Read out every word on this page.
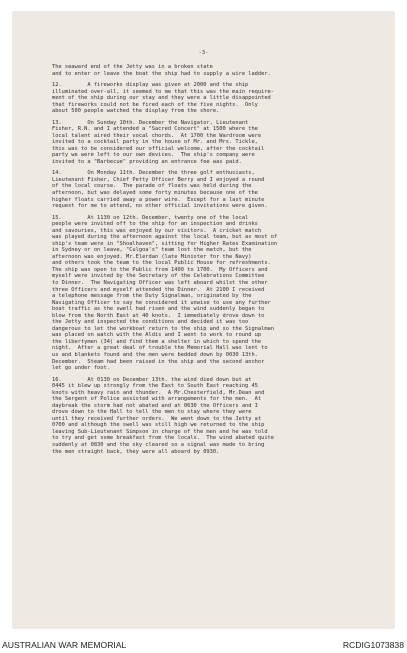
-3-
The seaward end of the Jetty was in a broken state
and to enter or leave the boat the ship had to supply a wire ladder.
12.        A fireworks display was given at 2000 and the ship
illuminated over-all, it seemed to me that this was the main require-
ment of the ship during our stay and they were a little disappointed
that fireworks could not be fired each of the five nights.  Only
about 500 people watched the display from the shore.
13.        On Sunday 10th. December the Navigator, Lieutenant
Fisher, R.N. and I attended a "Sacred Concert" at 1500 where the
local talent aired their vocal chords.  At 1700 the Wardroom were
invited to a cocktail party in the house of Mr. and Mrs. Tickle,
this was to be considered our official welcome, after the cocktail
party we were left to our own devices.  The ship's company were
invited to a "Barbecue" providing an entrance fee was paid.
14.        On Monday 11th. December the three golf enthusiasts,
Lieutenant Fisher, Chief Petty Officer Berry and I enjoyed a round
of the local course.  The parade of floats was held during the
afternoon, but was delayed some forty minutes because one of the
higher floats carried away a power wire.  Except for a last minute
request for me to attend, no other official invitations were given.
15.        At 1130 on 12th. December, twenty one of the local
people were invited off to the ship for an inspection and drinks
and savouries, this was enjoyed by our visitors.  A cricket match
was played during the afternoon against the local team, but as most of
ship's team were in "Shoalhaven", sitting for Higher Rates Examination
in Sydney or on leave, "Culgoa's" team lost the match, but the
afternoon was enjoyed. Mr.Elerdan (late Minister for the Navy)
and others took the team to the local Public House for refreshments.
The ship was open to the Public from 1400 to 1700.  My Officers and
myself were invited by the Secretary of the Celebrations Committee
to Dinner.  The Navigating Officer was left aboard whilst the other
three Officers and myself attended the Dinner.  At 2100 I received
a telephone message from the Duty Signalman, originated by the
Navigating Officer to say he considered it unwise to use any further
boat traffic as the swell had risen and the wind suddenly began to
blow from the North East at 40 knots.  I immediately drove down to
the Jetty and inspected the conditions and decided it was too
dangerous to let the workboat return to the ship and so the Signalman
was placed on watch with the Aldis and I went to work to round up
the libertymen (34) and find them a shelter in which to spend the
night.  After a great deal of trouble the Memorial Hall was lent to
us and blankets found and the men were bedded down by 0030 13th.
December.  Steam had been raised in the ship and the second anchor
let go under foot.
16.        At 0130 on December 13th. the wind died down but at
0445 it blew up strongly from the East to South East reaching 45
knots with heavy rain and thunder.  A Mr.Chesterfield, Mr.Dean and
the Sergent of Police assisted with arrangements for the men.  At
daybreak the storm had not abated and at 0630 the Officers and I
drove down to the Hall to tell the men to stay where they were
until they received further orders.  We went down to the Jetty at
0700 and although the swell was still high we returned to the ship
leaving Sub-Lieutenant Simpson in charge of the men and he was told
to try and get some breakfast from the locals.  The wind abated quite
suddenly at 0830 and the sky cleared so a signal was made to bring
the men straight back, they were all aboard by 0930.
AUSTRALIAN WAR MEMORIAL	RCDIG1073838
